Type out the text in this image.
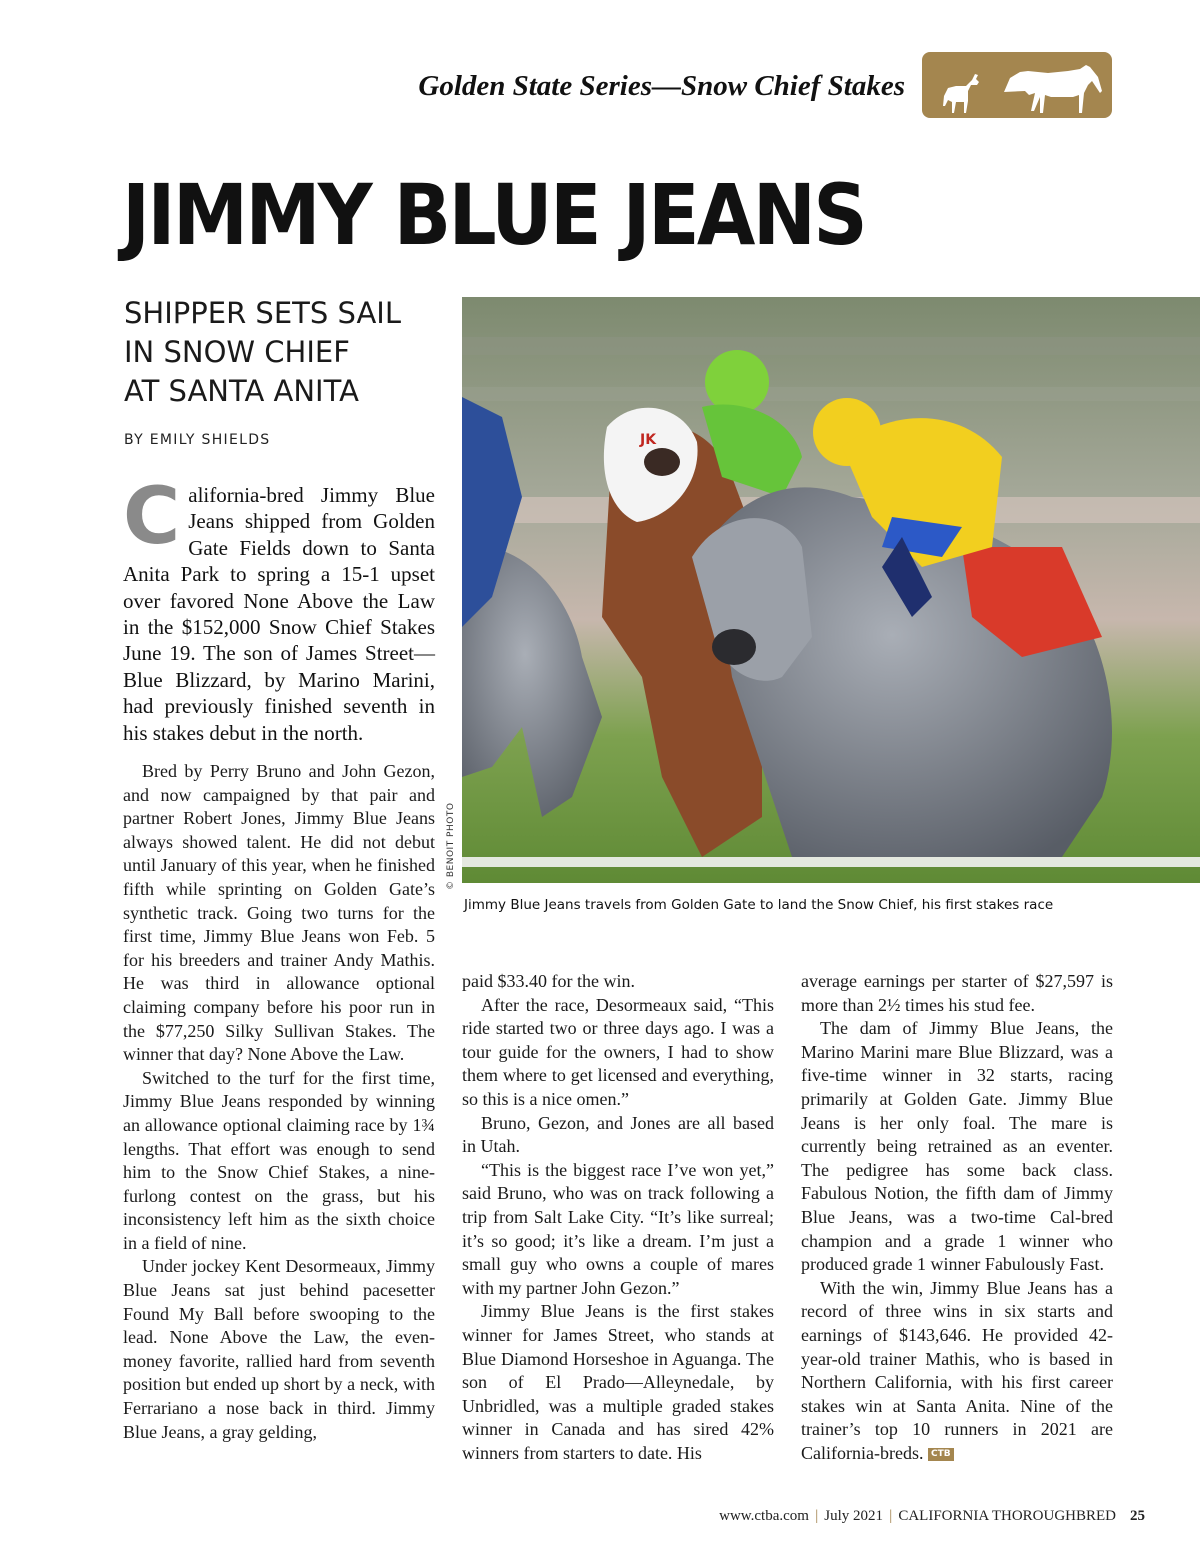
Golden State Series—Snow Chief Stakes
JIMMY BLUE JEANS
SHIPPER SETS SAIL
IN SNOW CHIEF
AT SANTA ANITA
BY EMILY SHIELDS

California-bred Jimmy Blue Jeans shipped from Golden Gate Fields down to Santa Anita Park to spring a 15-1 upset over favored None Above the Law in the $152,000 Snow Chief Stakes June 19. The son of James Street—Blue Blizzard, by Marino Marini, had previously finished seventh in his stakes debut in the north.

Bred by Perry Bruno and John Gezon, and now campaigned by that pair and partner Robert Jones, Jimmy Blue Jeans always showed talent. He did not debut until January of this year, when he finished fifth while sprinting on Golden Gate’s synthetic track. Going two turns for the first time, Jimmy Blue Jeans won Feb. 5 for his breeders and trainer Andy Mathis. He was third in allowance optional claiming company before his poor run in the $77,250 Silky Sullivan Stakes. The winner that day? None Above the Law.

Switched to the turf for the first time, Jimmy Blue Jeans responded by winning an allowance optional claiming race by 1¾ lengths. That effort was enough to send him to the Snow Chief Stakes, a nine-furlong contest on the grass, but his inconsistency left him as the sixth choice in a field of nine.

Under jockey Kent Desormeaux, Jimmy Blue Jeans sat just behind pacesetter Found My Ball before swooping to the lead. None Above the Law, the even-money favorite, rallied hard from seventh position but ended up short by a neck, with Ferrariano a nose back in third. Jimmy Blue Jeans, a gray gelding,

JK
© BENOIT PHOTO
Jimmy Blue Jeans travels from Golden Gate to land the Snow Chief, his first stakes race

paid $33.40 for the win.

After the race, Desormeaux said, “This ride started two or three days ago. I was a tour guide for the owners, I had to show them where to get licensed and everything, so this is a nice omen.”

Bruno, Gezon, and Jones are all based in Utah.

“This is the biggest race I’ve won yet,” said Bruno, who was on track following a trip from Salt Lake City. “It’s like surreal; it’s so good; it’s like a dream. I’m just a small guy who owns a couple of mares with my partner John Gezon.”

Jimmy Blue Jeans is the first stakes winner for James Street, who stands at Blue Diamond Horseshoe in Aguanga. The son of El Prado—Alleynedale, by Unbridled, was a multiple graded stakes winner in Canada and has sired 42% winners from starters to date. His

average earnings per starter of $27,597 is more than 2½ times his stud fee.

The dam of Jimmy Blue Jeans, the Marino Marini mare Blue Blizzard, was a five-time winner in 32 starts, racing primarily at Golden Gate. Jimmy Blue Jeans is her only foal. The mare is currently being retrained as an eventer. The pedigree has some back class. Fabulous Notion, the fifth dam of Jimmy Blue Jeans, was a two-time Cal-bred champion and a grade 1 winner who produced grade 1 winner Fabulously Fast.

With the win, Jimmy Blue Jeans has a record of three wins in six starts and earnings of $143,646. He provided 42-year-old trainer Mathis, who is based in Northern California, with his first career stakes win at Santa Anita. Nine of the trainer’s top 10 runners in 2021 are California-breds. CTB

www.ctba.com | July 2021 | CALIFORNIA THOROUGHBRED 25
